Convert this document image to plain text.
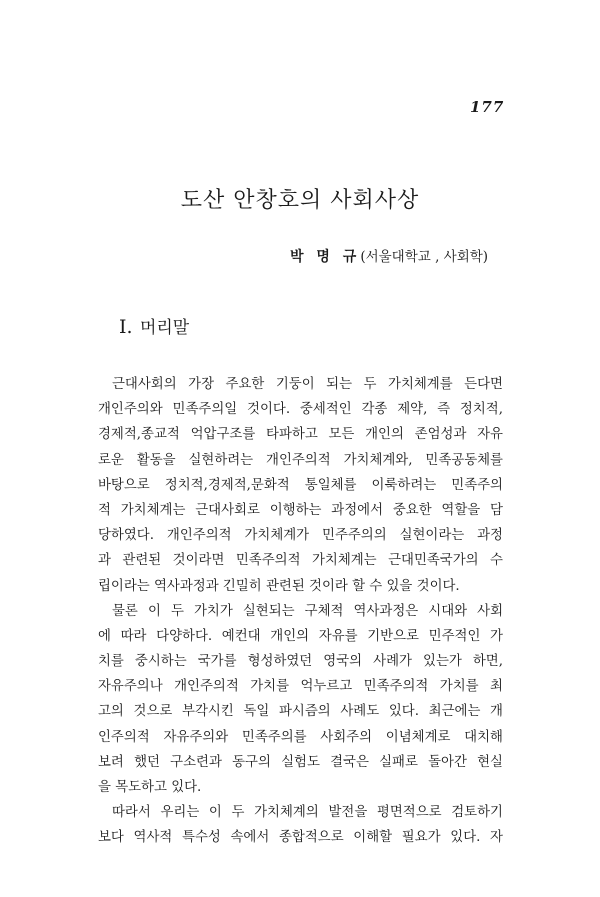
177
도산 안창호의 사회사상
박 명 규(서울대학교 , 사회학)
I. 머리말
근대사회의 가장 주요한 기둥이 되는 두 가치체계를 든다면
개인주의와 민족주의일 것이다. 중세적인 각종 제약, 즉 정치적,
경제적,종교적 억압구조를 타파하고 모든 개인의 존엄성과 자유
로운 활동을 실현하려는 개인주의적 가치체계와, 민족공동체를
바탕으로 정치적,경제적,문화적 통일체를 이룩하려는 민족주의
적 가치체계는 근대사회로 이행하는 과정에서 중요한 역할을 담
당하였다. 개인주의적 가치체계가 민주주의의 실현이라는 과정
과 관련된 것이라면 민족주의적 가치체계는 근대민족국가의 수
립이라는 역사과정과 긴밀히 관련된 것이라 할 수 있을 것이다.
물론 이 두 가치가 실현되는 구체적 역사과정은 시대와 사회
에 따라 다양하다. 예컨대 개인의 자유를 기반으로 민주적인 가
치를 중시하는 국가를 형성하였던 영국의 사례가 있는가 하면,
자유주의나 개인주의적 가치를 억누르고 민족주의적 가치를 최
고의 것으로 부각시킨 독일 파시즘의 사례도 있다. 최근에는 개
인주의적 자유주의와 민족주의를 사회주의 이념체계로 대치해
보려 했던 구소련과 동구의 실험도 결국은 실패로 돌아간 현실
을 목도하고 있다.
따라서 우리는 이 두 가치체계의 발전을 평면적으로 검토하기
보다 역사적 특수성 속에서 종합적으로 이해할 필요가 있다. 자
